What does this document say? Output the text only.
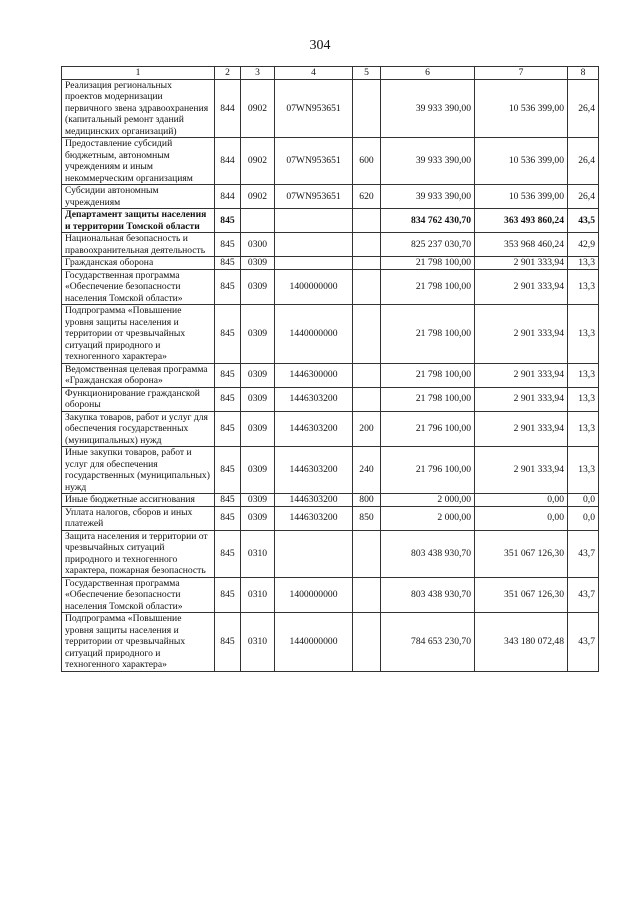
304
1	2	3	4	5	6	7	8
Реализация региональных проектов модернизации первичного звена здравоохранения (капитальный ремонт зданий медицинских организаций)	844	0902	07WN953651		39 933 390,00	10 536 399,00	26,4
Предоставление субсидий бюджетным, автономным учреждениям и иным некоммерческим организациям	844	0902	07WN953651	600	39 933 390,00	10 536 399,00	26,4
Субсидии автономным учреждениям	844	0902	07WN953651	620	39 933 390,00	10 536 399,00	26,4
Департамент защиты населения и территории Томской области	845				834 762 430,70	363 493 860,24	43,5
Национальная безопасность и правоохранительная деятельность	845	0300			825 237 030,70	353 968 460,24	42,9
Гражданская оборона	845	0309			21 798 100,00	2 901 333,94	13,3
Государственная программа «Обеспечение безопасности населения Томской области»	845	0309	1400000000		21 798 100,00	2 901 333,94	13,3
Подпрограмма «Повышение уровня защиты населения и территории от чрезвычайных ситуаций природного и техногенного характера»	845	0309	1440000000		21 798 100,00	2 901 333,94	13,3
Ведомственная целевая программа «Гражданская оборона»	845	0309	1446300000		21 798 100,00	2 901 333,94	13,3
Функционирование гражданской обороны	845	0309	1446303200		21 798 100,00	2 901 333,94	13,3
Закупка товаров, работ и услуг для обеспечения государственных (муниципальных) нужд	845	0309	1446303200	200	21 796 100,00	2 901 333,94	13,3
Иные закупки товаров, работ и услуг для обеспечения государственных (муниципальных) нужд	845	0309	1446303200	240	21 796 100,00	2 901 333,94	13,3
Иные бюджетные ассигнования	845	0309	1446303200	800	2 000,00	0,00	0,0
Уплата налогов, сборов и иных платежей	845	0309	1446303200	850	2 000,00	0,00	0,0
Защита населения и территории от чрезвычайных ситуаций природного и техногенного характера, пожарная безопасность	845	0310			803 438 930,70	351 067 126,30	43,7
Государственная программа «Обеспечение безопасности населения Томской области»	845	0310	1400000000		803 438 930,70	351 067 126,30	43,7
Подпрограмма «Повышение уровня защиты населения и территории от чрезвычайных ситуаций природного и техногенного характера»	845	0310	1440000000		784 653 230,70	343 180 072,48	43,7
